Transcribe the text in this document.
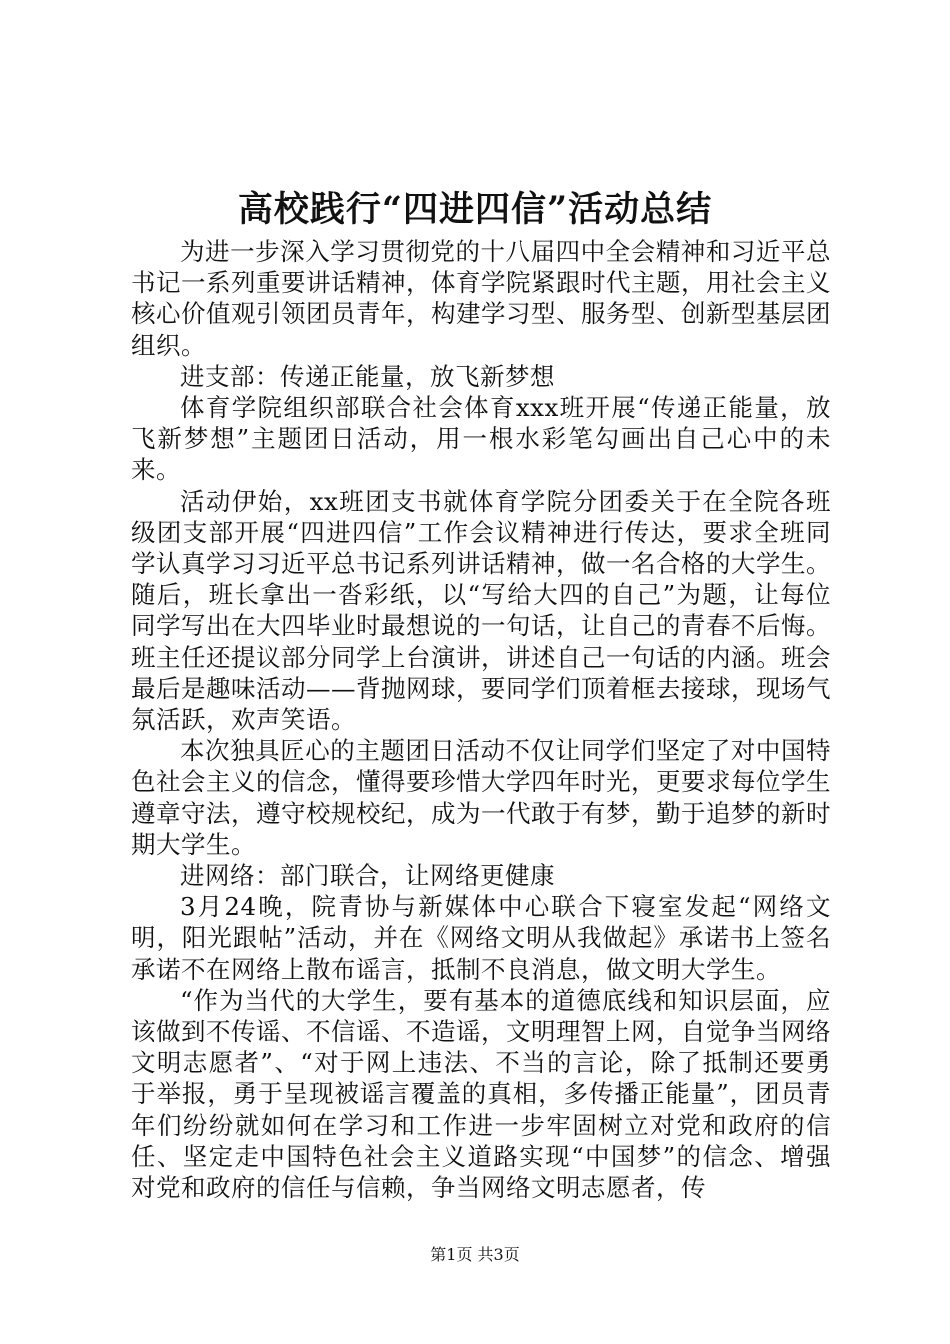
高校践行“四进四信”活动总结

为进一步深入学习贯彻党的十八届四中全会精神和习近平总书记一系列重要讲话精神，体育学院紧跟时代主题，用社会主义核心价值观引领团员青年，构建学习型、服务型、创新型基层团组织。

进支部：传递正能量，放飞新梦想

体育学院组织部联合社会体育xxx班开展“传递正能量，放飞新梦想”主题团日活动，用一根水彩笔勾画出自己心中的未来。

活动伊始，xx班团支书就体育学院分团委关于在全院各班级团支部开展“四进四信”工作会议精神进行传达，要求全班同学认真学习习近平总书记系列讲话精神，做一名合格的大学生。随后，班长拿出一沓彩纸，以“写给大四的自己”为题，让每位同学写出在大四毕业时最想说的一句话，让自己的青春不后悔。班主任还提议部分同学上台演讲，讲述自己一句话的内涵。班会最后是趣味活动——背抛网球，要同学们顶着框去接球，现场气氛活跃，欢声笑语。

本次独具匠心的主题团日活动不仅让同学们坚定了对中国特色社会主义的信念，懂得要珍惜大学四年时光，更要求每位学生遵章守法，遵守校规校纪，成为一代敢于有梦，勤于追梦的新时期大学生。

进网络：部门联合，让网络更健康

3月24晚，院青协与新媒体中心联合下寝室发起“网络文明，阳光跟帖”活动，并在《网络文明从我做起》承诺书上签名承诺不在网络上散布谣言，抵制不良消息，做文明大学生。

“作为当代的大学生，要有基本的道德底线和知识层面，应该做到不传谣、不信谣、不造谣，文明理智上网，自觉争当网络文明志愿者”、“对于网上违法、不当的言论，除了抵制还要勇于举报，勇于呈现被谣言覆盖的真相，多传播正能量”，团员青年们纷纷就如何在学习和工作进一步牢固树立对党和政府的信任、坚定走中国特色社会主义道路实现“中国梦”的信念、增强对党和政府的信任与信赖，争当网络文明志愿者，传

第1页 共3页
